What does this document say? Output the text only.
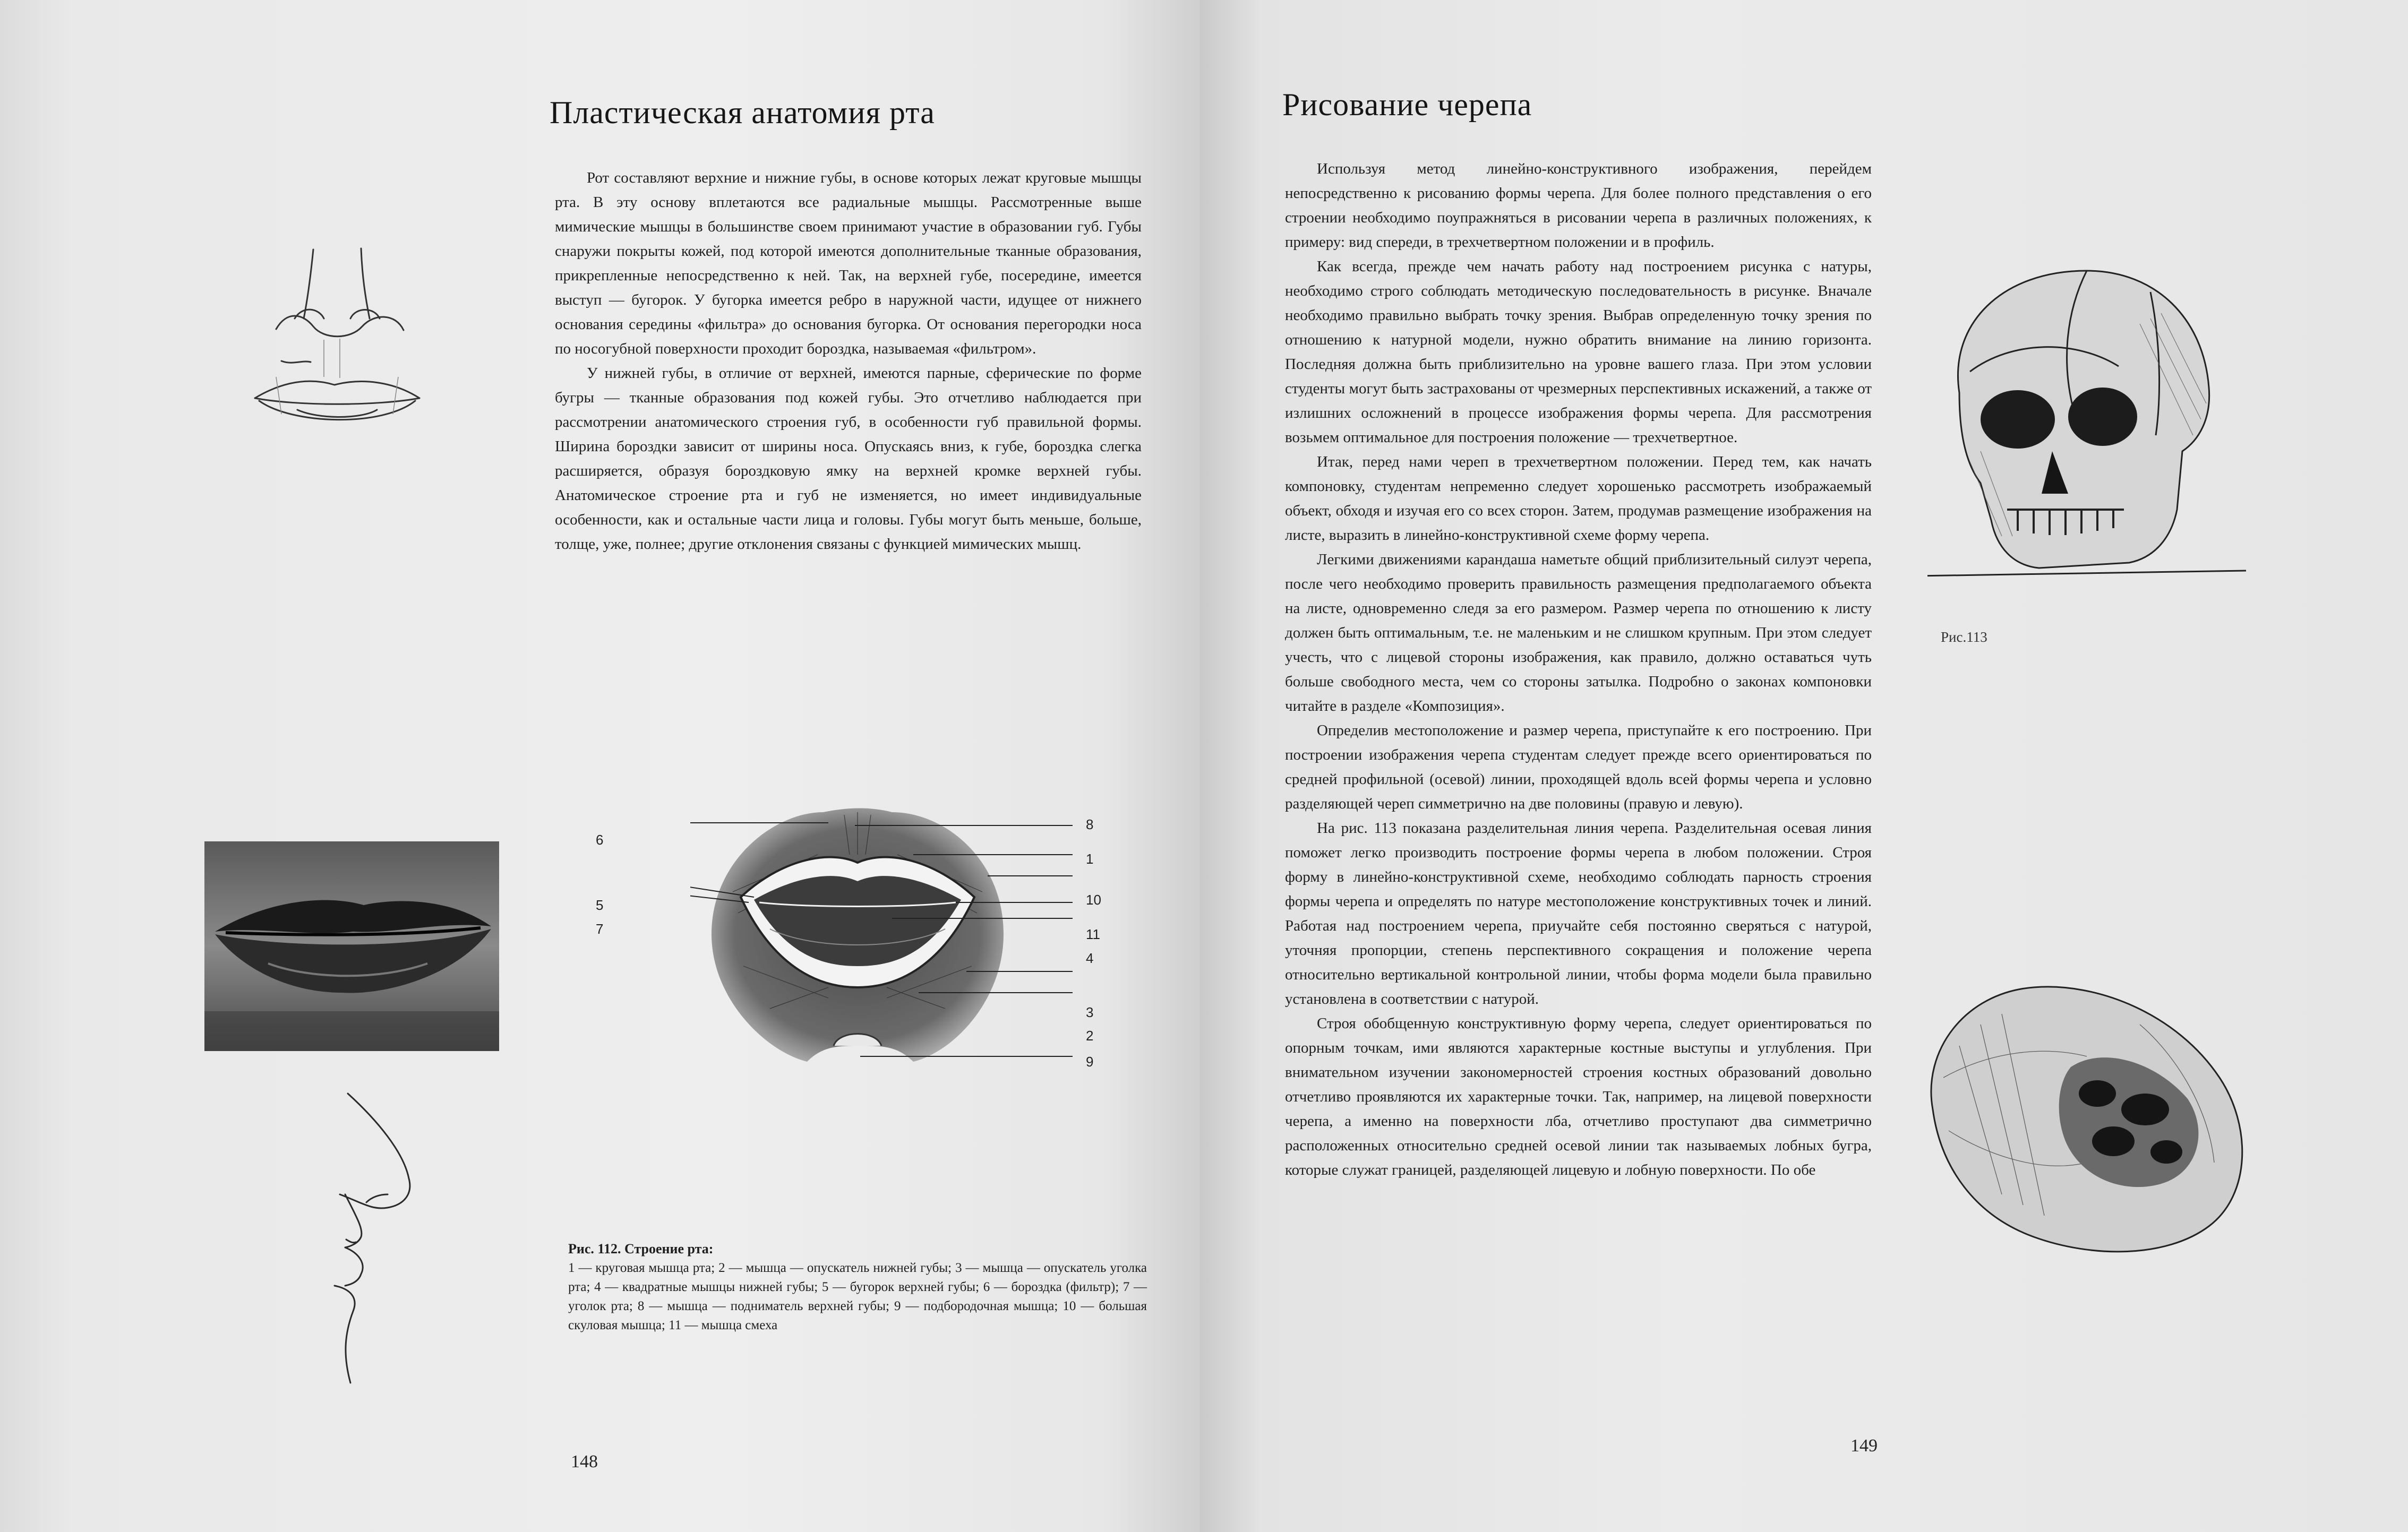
Пластическая анатомия рта

Рот составляют верхние и нижние губы, в основе которых лежат круговые мышцы рта. В эту основу вплетаются все радиальные мышцы. Рассмотренные выше мимические мышцы в большинстве своем принимают участие в образовании губ. Губы снаружи покрыты кожей, под которой имеются дополнительные тканные образования, прикрепленные непосредственно к ней. Так, на верхней губе, посередине, имеется выступ — бугорок. У бугорка имеется ребро в наружной части, идущее от нижнего основания середины «фильтра» до основания бугорка. От основания перегородки носа по носогубной поверхности проходит бороздка, называемая «фильтром».

У нижней губы, в отличие от верхней, имеются парные, сферические по форме бугры — тканные образования под кожей губы. Это отчетливо наблюдается при рассмотрении анатомического строения губ, в особенности губ правильной формы. Ширина бороздки зависит от ширины носа. Опускаясь вниз, к губе, бороздка слегка расширяется, образуя бороздковую ямку на верхней кромке верхней губы. Анатомическое строение рта и губ не изменяется, но имеет индивидуальные особенности, как и остальные части лица и головы. Губы могут быть меньше, больше, толще, уже, полнее; другие отклонения связаны с функцией мимических мышц.

6
5
7
8
1
10
11
4
3
2
9
Рис. 112. Строение рта:
1 — круговая мышца рта; 2 — мышца — опускатель нижней губы; 3 — мышца — опускатель уголка рта; 4 — квадратные мышцы нижней губы; 5 — бугорок верхней губы; 6 — бороздка (фильтр); 7 — уголок рта; 8 — мышца — подниматель верхней губы; 9 — подбородочная мышца; 10 — большая скуловая мышца; 11 — мышца смеха
148
Рисование черепа

Используя метод линейно-конструктивного изображения, перейдем непосредственно к рисованию формы черепа. Для более полного представления о его строении необходимо поупражняться в рисовании черепа в различных положениях, к примеру: вид спереди, в трехчетвертном положении и в профиль.

Как всегда, прежде чем начать работу над построением рисунка с натуры, необходимо строго соблюдать методическую последовательность в рисунке. Вначале необходимо правильно выбрать точку зрения. Выбрав определенную точку зрения по отношению к натурной модели, нужно обратить внимание на линию горизонта. Последняя должна быть приблизительно на уровне вашего глаза. При этом условии студенты могут быть застрахованы от чрезмерных перспективных искажений, а также от излишних осложнений в процессе изображения формы черепа. Для рассмотрения возьмем оптимальное для построения положение — трехчетвертное.

Итак, перед нами череп в трехчетвертном положении. Перед тем, как начать компоновку, студентам непременно следует хорошенько рассмотреть изображаемый объект, обходя и изучая его со всех сторон. Затем, продумав размещение изображения на листе, выразить в линейно-конструктивной схеме форму черепа.

Легкими движениями карандаша наметьте общий приблизительный силуэт черепа, после чего необходимо проверить правильность размещения предполагаемого объекта на листе, одновременно следя за его размером. Размер черепа по отношению к листу должен быть оптимальным, т.е. не маленьким и не слишком крупным. При этом следует учесть, что с лицевой стороны изображения, как правило, должно оставаться чуть больше свободного места, чем со стороны затылка. Подробно о законах компоновки читайте в разделе «Композиция».

Определив местоположение и размер черепа, приступайте к его построению. При построении изображения черепа студентам следует прежде всего ориентироваться по средней профильной (осевой) линии, проходящей вдоль всей формы черепа и условно разделяющей череп симметрично на две половины (правую и левую).

На рис. 113 показана разделительная линия черепа. Разделительная осевая линия поможет легко производить построение формы черепа в любом положении. Строя форму в линейно-конструктивной схеме, необходимо соблюдать парность строения формы черепа и определять по натуре местоположение конструктивных точек и линий. Работая над построением черепа, приучайте себя постоянно сверяться с натурой, уточняя пропорции, степень перспективного сокращения и положение черепа относительно вертикальной контрольной линии, чтобы форма модели была правильно установлена в соответствии с натурой.

Строя обобщенную конструктивную форму черепа, следует ориентироваться по опорным точкам, ими являются характерные костные выступы и углубления. При внимательном изучении закономерностей строения костных образований довольно отчетливо проявляются их характерные точки. Так, например, на лицевой поверхности черепа, а именно на поверхности лба, отчетливо проступают два симметрично расположенных относительно средней осевой линии так называемых лобных бугра, которые служат границей, разделяющей лицевую и лобную поверхности. По обе

Рис.113
149
